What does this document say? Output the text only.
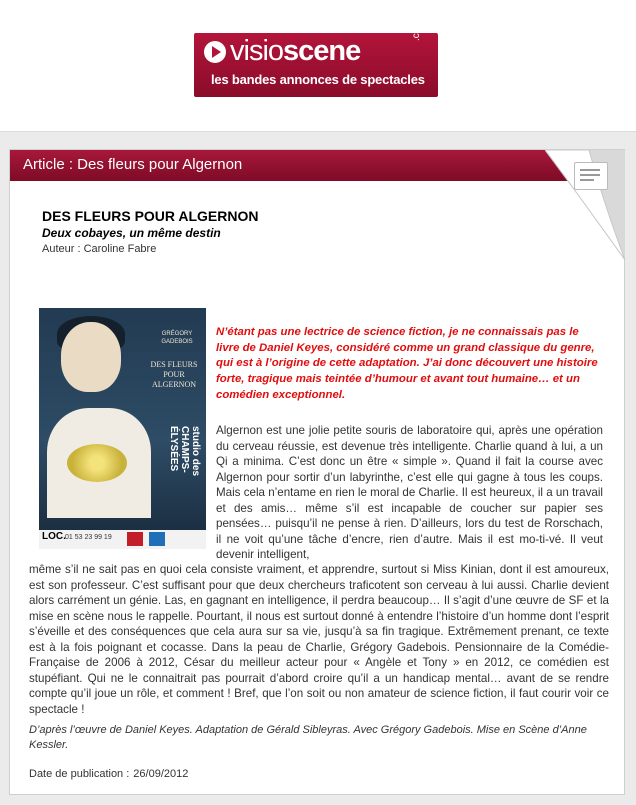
visioscene
.com
les bandes annonces de spectacles
Article : Des fleurs pour Algernon
DES FLEURS POUR ALGERNON
Deux cobayes, un même destin
Auteur : Caroline Fabre
GRÉGORY GADEBOIS
DES FLEURS POUR ALGERNON
studio des CHAMPS-ÉLYSÉES
LOC. 01 53 23 99 19
N’étant pas une lectrice de science fiction, je ne connaissais pas le livre de Daniel Keyes, considéré comme un grand classique du genre, qui est à l’origine de cette adaptation. J’ai donc découvert une histoire forte, tragique mais teintée d’humour et avant tout humaine… et un comédien exceptionnel.
Algernon est une jolie petite souris de laboratoire qui, après une opération du cerveau réussie, est devenue très intelligente. Charlie quand à lui, a un Qi a minima. C’est donc un être « simple ». Quand il fait la course avec Algernon pour sortir d’un labyrinthe, c’est elle qui gagne à tous les coups. Mais cela n’entame en rien le moral de Charlie. Il est heureux, il a un travail et des amis… même s’il est incapable de coucher sur papier ses pensées… puisqu’il ne pense à rien. D’ailleurs, lors du test de Rorschach, il ne voit qu’une tâche d’encre, rien d’autre. Mais il est mo-ti-vé. Il veut devenir intelligent,
même s’il ne sait pas en quoi cela consiste vraiment, et apprendre, surtout si Miss Kinian, dont il est amoureux, est son professeur. C’est suffisant pour que deux chercheurs traficotent son cerveau à lui aussi. Charlie devient alors carrément un génie. Las, en gagnant en intelligence, il perdra beaucoup… Il s’agit d’une œuvre de SF et la mise en scène nous le rappelle. Pourtant, il nous est surtout donné à entendre l’histoire d’un homme dont l’esprit s’éveille et des conséquences que cela aura sur sa vie, jusqu’à sa fin tragique. Extrêmement prenant, ce texte est à la fois poignant et cocasse. Dans la peau de Charlie, Grégory Gadebois. Pensionnaire de la Comédie-Française de 2006 à 2012, César du meilleur acteur pour « Angèle et Tony » en 2012, ce comédien est stupéfiant. Qui ne le connaitrait pas pourrait d’abord croire qu’il a un handicap mental… avant de se rendre compte qu’il joue un rôle, et comment ! Bref, que l’on soit ou non amateur de science fiction, il faut courir voir ce spectacle !
D’après l’œuvre de Daniel Keyes. Adaptation de Gérald Sibleyras. Avec Grégory Gadebois. Mise en Scène d’Anne Kessler.
Date de publication : 26/09/2012
